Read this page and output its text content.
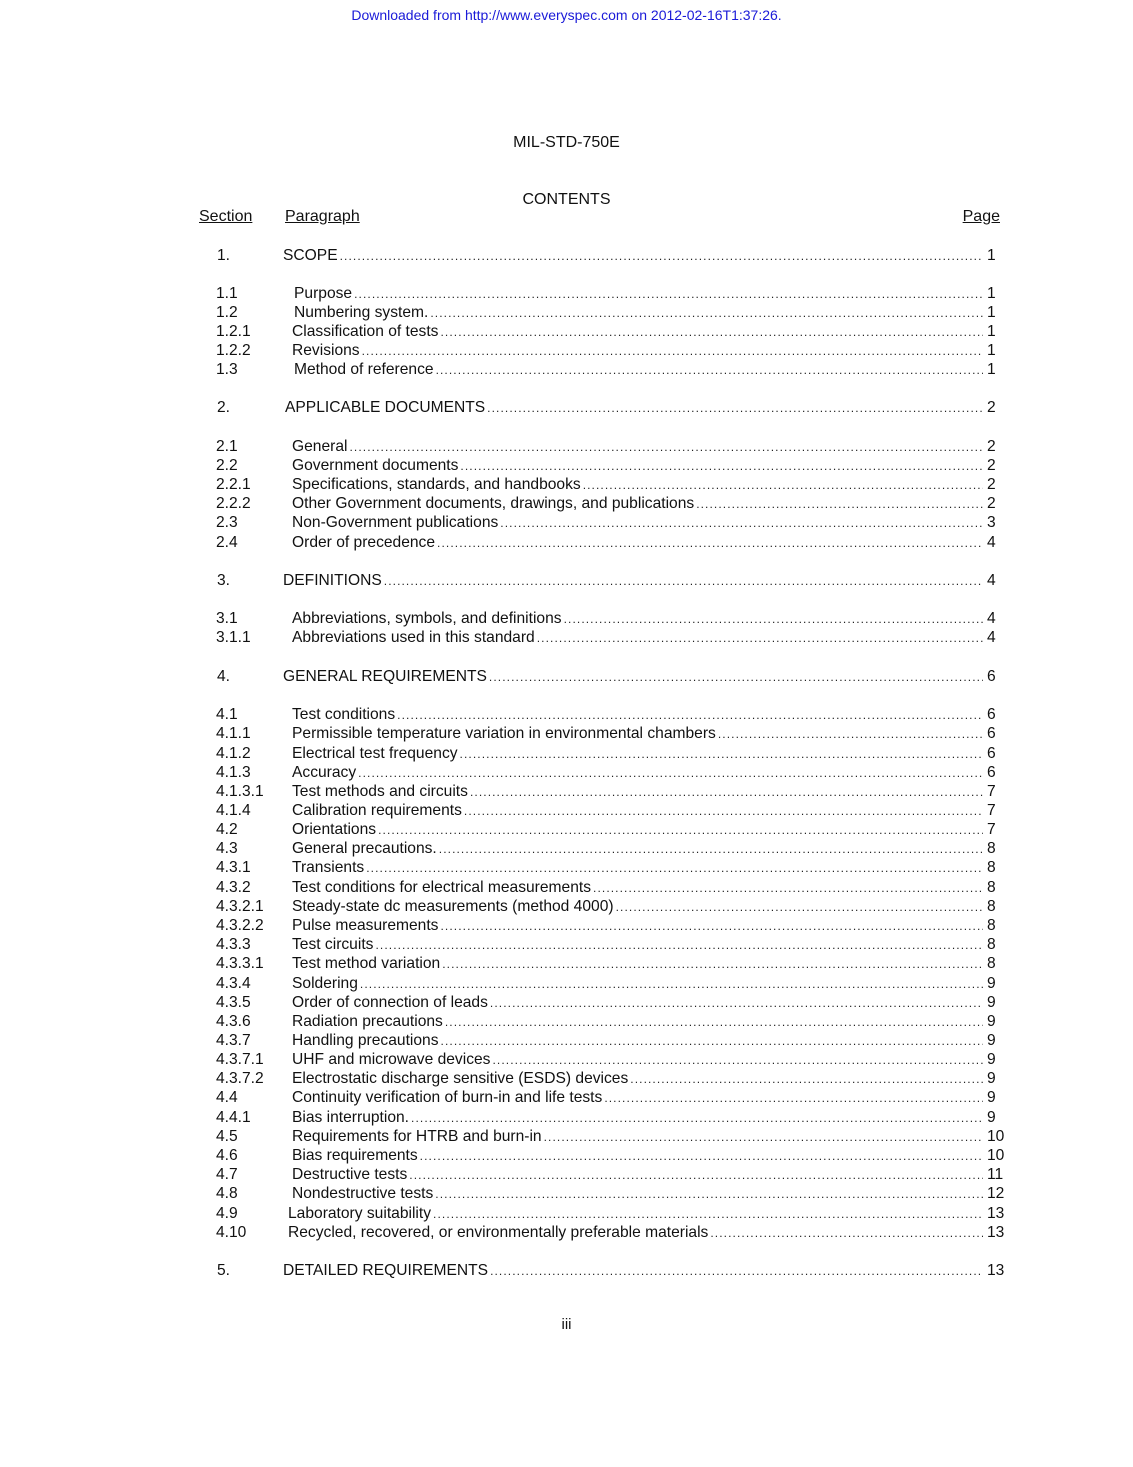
Downloaded from http://www.everyspec.com on 2012-02-16T1:37:26.
MIL-STD-750E
CONTENTS
Section Paragraph	Page
1.	SCOPE .....	1
1.1	Purpose .....	1
1.2	Numbering system. .....	1
1.2.1	Classification of tests .....	1
1.2.2	Revisions .....	1
1.3	Method of reference .....	1
2.	APPLICABLE DOCUMENTS .....	2
2.1	General .....	2
2.2	Government documents .....	2
2.2.1	Specifications, standards, and handbooks .....	2
2.2.2	Other Government documents, drawings, and publications .....	2
2.3	Non-Government publications .....	3
2.4	Order of precedence .....	4
3.	DEFINITIONS .....	4
3.1	Abbreviations, symbols, and definitions .....	4
3.1.1	Abbreviations used in this standard .....	4
4.	GENERAL REQUIREMENTS .....	6
4.1	Test conditions .....	6
4.1.1	Permissible temperature variation in environmental chambers .....	6
4.1.2	Electrical test frequency .....	6
4.1.3	Accuracy .....	6
4.1.3.1 Test methods and circuits .....	7
4.1.4	Calibration requirements .....	7
4.2	Orientations .....	7
4.3	General precautions. .....	8
4.3.1	Transients .....	8
4.3.2	Test conditions for electrical measurements .....	8
4.3.2.1 Steady-state dc measurements (method 4000) .....	8
4.3.2.2 Pulse measurements .....	8
4.3.3	Test circuits .....	8
4.3.3.1 Test method variation .....	8
4.3.4	Soldering .....	9
4.3.5	Order of connection of leads .....	9
4.3.6	Radiation precautions .....	9
4.3.7	Handling precautions .....	9
4.3.7.1 UHF and microwave devices .....	9
4.3.7.2 Electrostatic discharge sensitive (ESDS) devices .....	9
4.4	Continuity verification of burn-in and life tests .....	9
4.4.1	Bias interruption. .....	9
4.5	Requirements for HTRB and burn-in .....	10
4.6	Bias requirements .....	10
4.7	Destructive tests .....	11
4.8	Nondestructive tests .....	12
4.9	Laboratory suitability .....	13
4.10	Recycled, recovered, or environmentally preferable materials .....	13
5.	DETAILED REQUIREMENTS .....	13
iii
